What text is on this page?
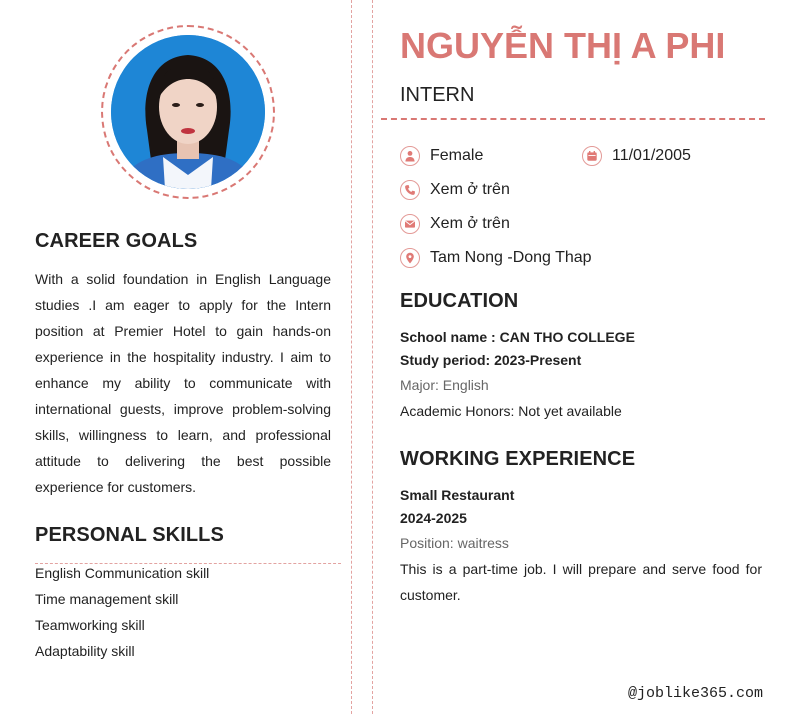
CAREER GOALS

With a solid foundation in English Language studies .I am eager to apply for the Intern position at Premier Hotel to gain hands-on experience in the hospitality industry. I aim to enhance my ability to communicate with international guests, improve problem-solving skills, willingness to learn, and professional attitude to delivering the best possible experience for customers.

PERSONAL SKILLS
English Communication skill
Time management skill
Teamworking skill
Adaptability skill
NGUYỄN THỊ A PHI
INTERN
Female	11/01/2005
Xem ở trên
Xem ở trên
Tam Nong -Dong Thap
EDUCATION
School name : CAN THO COLLEGE
Study period: 2023-Present
Major: English
Academic Honors: Not yet available
WORKING EXPERIENCE
Small Restaurant
2024-2025
Position: waitress

This is a part-time job. I will prepare and serve food for customer.

@joblike365.com
